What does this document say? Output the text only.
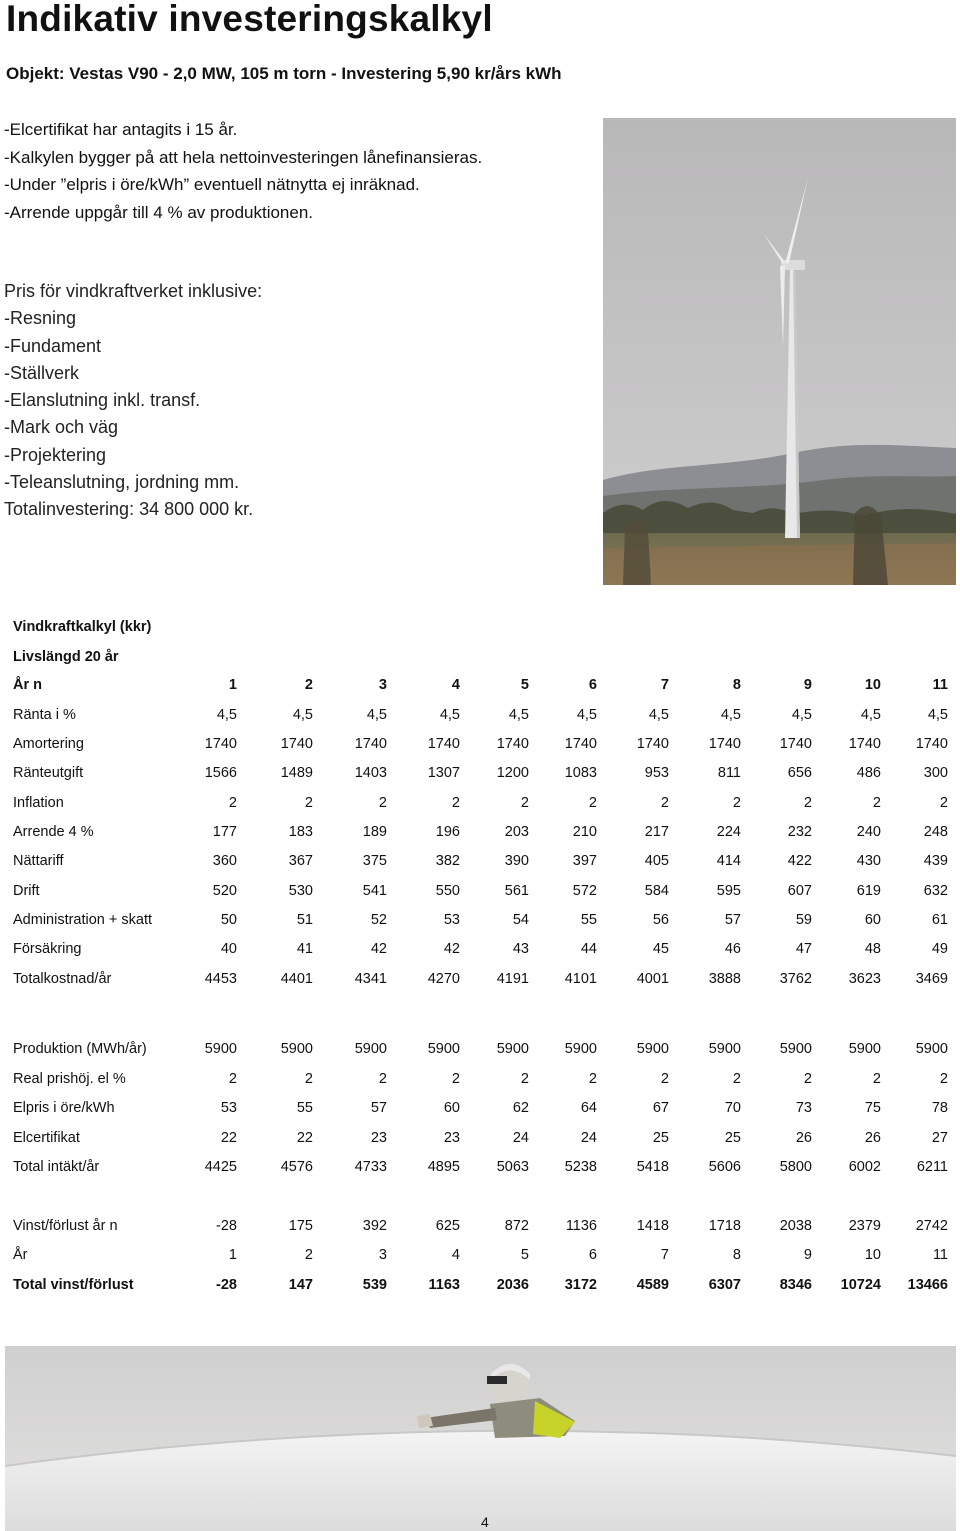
Indikativ investeringskalkyl
Objekt: Vestas V90 - 2,0 MW, 105 m torn - Investering 5,90 kr/års kWh
-Elcertifikat har antagits i 15 år.
-Kalkylen bygger på att hela nettoinvesteringen lånefinansieras.
-Under ”elpris i öre/kWh” eventuell nätnytta ej inräknad.
-Arrende uppgår till 4 % av produktionen.
Pris för vindkraftverket inklusive:
-Resning
-Fundament
-Ställverk
-Elanslutning inkl. transf.
-Mark och väg
-Projektering
-Teleanslutning, jordning mm.
Totalinvestering: 34 800 000 kr.
Vindkraftkalkyl (kkr)
Livslängd 20 år
År n	1	2	3	4	5	6	7	8	9	10	11
Ränta i %	4,5	4,5	4,5	4,5	4,5	4,5	4,5	4,5	4,5	4,5	4,5
Amortering	1740	1740	1740	1740	1740	1740	1740	1740	1740	1740	1740
Ränteutgift	1566	1489	1403	1307	1200	1083	953	811	656	486	300
Inflation	2	2	2	2	2	2	2	2	2	2	2
Arrende 4 %	177	183	189	196	203	210	217	224	232	240	248
Nättariff	360	367	375	382	390	397	405	414	422	430	439
Drift	520	530	541	550	561	572	584	595	607	619	632
Administration + skatt	50	51	52	53	54	55	56	57	59	60	61
Försäkring	40	41	42	42	43	44	45	46	47	48	49
Totalkostnad/år	4453	4401	4341	4270	4191	4101	4001	3888	3762	3623	3469
Produktion (MWh/år)	5900	5900	5900	5900	5900	5900	5900	5900	5900	5900	5900
Real prishöj. el %	2	2	2	2	2	2	2	2	2	2	2
Elpris i öre/kWh	53	55	57	60	62	64	67	70	73	75	78
Elcertifikat	22	22	23	23	24	24	25	25	26	26	27
Total intäkt/år	4425	4576	4733	4895	5063	5238	5418	5606	5800	6002	6211
Vinst/förlust år n	-28	175	392	625	872	1136	1418	1718	2038	2379	2742
År	1	2	3	4	5	6	7	8	9	10	11
Total vinst/förlust	-28	147	539	1163	2036	3172	4589	6307	8346	10724	13466
4
